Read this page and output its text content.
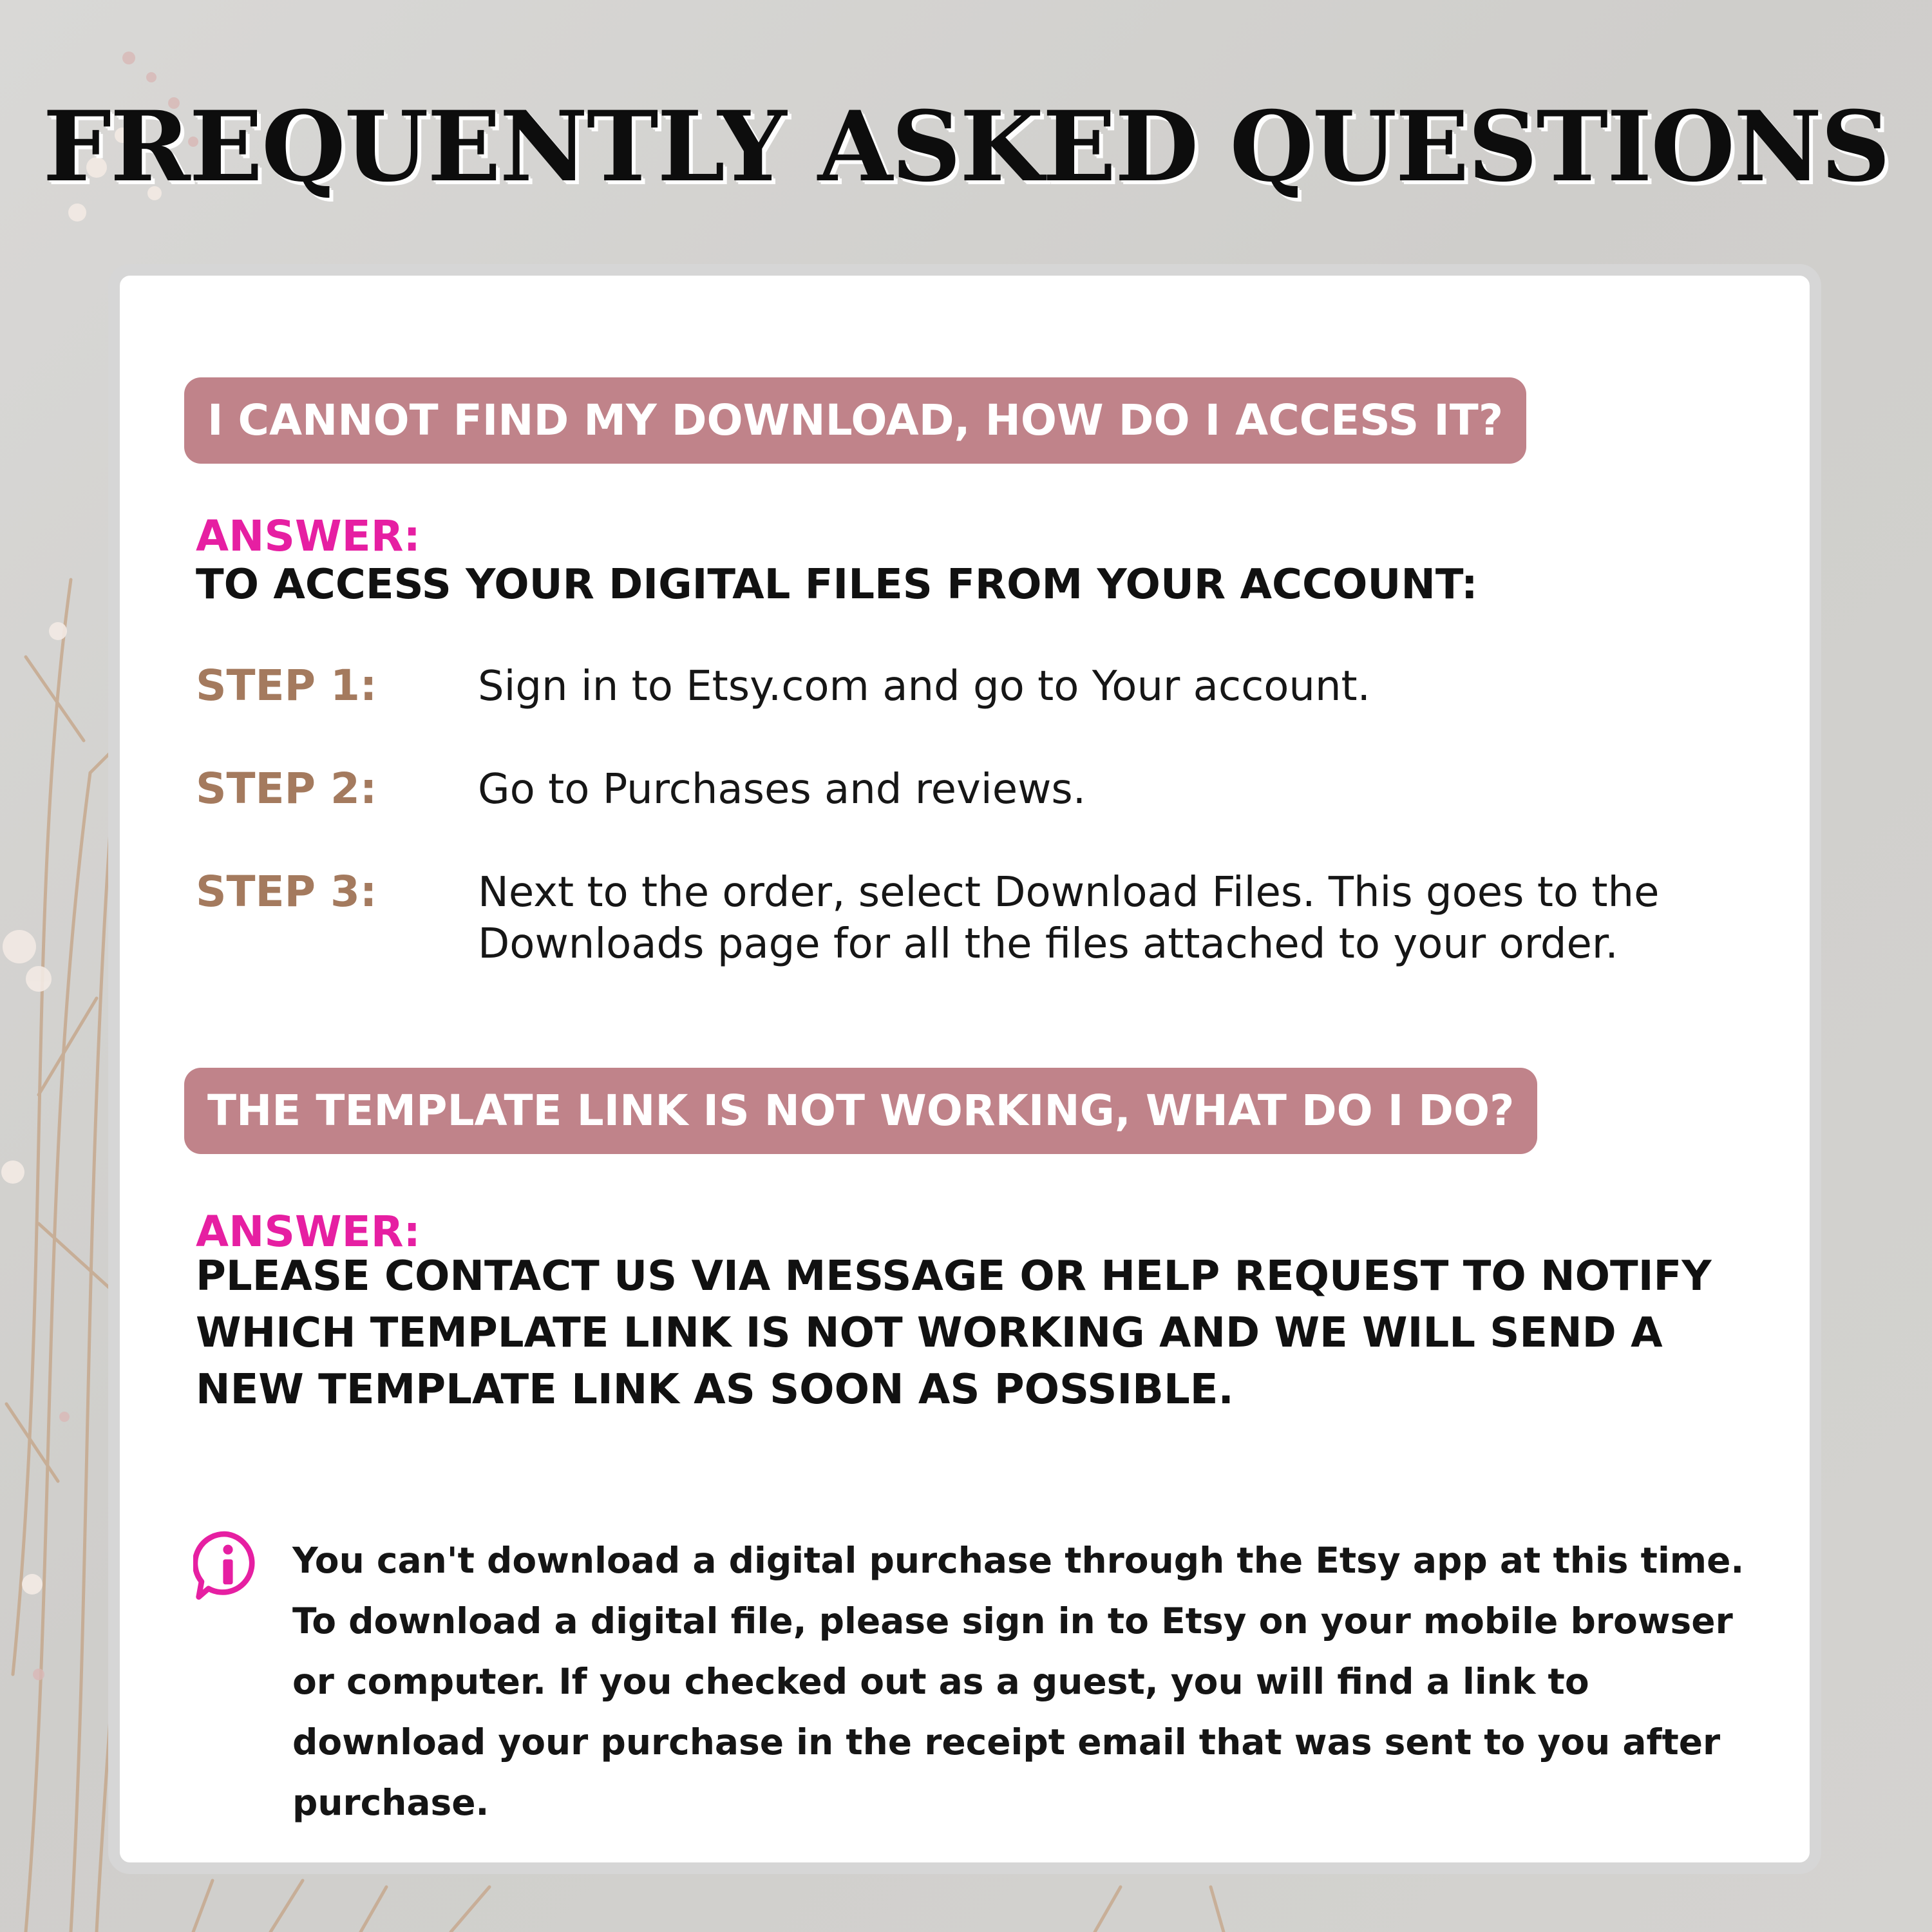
FREQUENTLY ASKED QUESTIONS
I CANNOT FIND MY DOWNLOAD, HOW DO I ACCESS IT?
ANSWER:
TO ACCESS YOUR DIGITAL FILES FROM YOUR ACCOUNT:
STEP 1: Sign in to Etsy.com and go to Your account.
STEP 2: Go to Purchases and reviews.
STEP 3: Next to the order, select Download Files. This goes to the Downloads page for all the files attached to your order.
THE TEMPLATE LINK IS NOT WORKING, WHAT DO I DO?
ANSWER:
PLEASE CONTACT US VIA MESSAGE OR HELP REQUEST TO NOTIFY WHICH TEMPLATE LINK IS NOT WORKING AND WE WILL SEND A NEW TEMPLATE LINK AS SOON AS POSSIBLE.
You can't download a digital purchase through the Etsy app at this time. To download a digital file, please sign in to Etsy on your mobile browser or computer. If you checked out as a guest, you will find a link to download your purchase in the receipt email that was sent to you after purchase.
